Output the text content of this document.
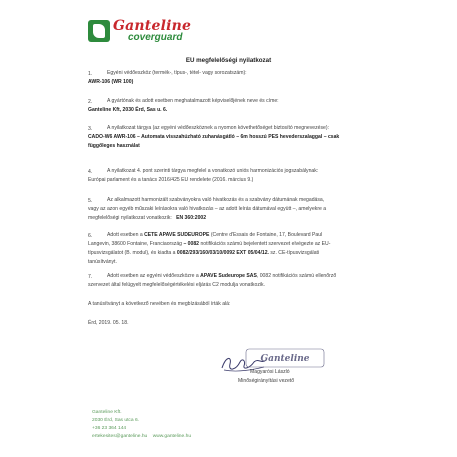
Ganteline
coverguard
EU megfelelőségi nyilatkozat
1.	Egyéni védőeszköz (termék-, típus-, tétel- vagy sorozatszám):
AWR-106 (WR 100)
2.	A gyártónak és adott esetben meghatalmazott képviselőjének neve és címe:
Ganteline Kft, 2030 Érd, Sas u. 6.
3.	A nyilatkozat tárgya (az egyéni védőeszköznek a nyomon követhetőséget biztosító megnevezése):
CADO-W6 AWR-106 – Automata visszahúzható zuhanásgátló – 6m hosszú PES hevederszalaggal – csak
függőleges használat
4.	A nyilatkozat 4. pont szerinti tárgya megfelel a vonatkozó uniós harmonizációs jogszabálynak:
Európai parlament és a tanács 2016/425 EU rendelete (2016. március 9.)
5.	Az alkalmazott harmonizált szabványokra való hivatkozás és a szabvány dátumának megadása,
vagy az azon egyéb műszaki leírásokra való hivatkozás – az adott leírás dátumával együtt –, amelyekre a
megfelelőségi nyilatkozat vonatkozik: EN 360:2002
6.	Adott esetben a CETE APAVE SUDEUROPE (Centre d'Essais de Fontaine, 17, Boulevard Paul
Langevin, 38600 Fontaine, Franciaország – 0082 notifikációs számú bejelentett szervezet elvégezte az EU-
típusvizsgálatot (B. modul), és kiadta a 0082/293/160/03/10/0092 EXT 05/04/12. sz. CE-típusvizsgálati
tanúsítványt.
7.	Adott esetben az egyéni védőeszközre a APAVE Sudeurope SAS, 0082 notifikációs számú ellenőrző
szervezet által felügyelt megfelelőségértékelési eljárás C2 modulja vonatkozik.
A tanúsítványt a következő nevében és megbízásából írták alá:
Érd, 2019. 05. 18.
Ganteline
Magyarósi László
Minőségirányítási vezető
Ganteline Kft.
2030 Érd, Sas utca 6.
+36 23 364 144
ertekesites@ganteline.hu www.ganteline.hu
